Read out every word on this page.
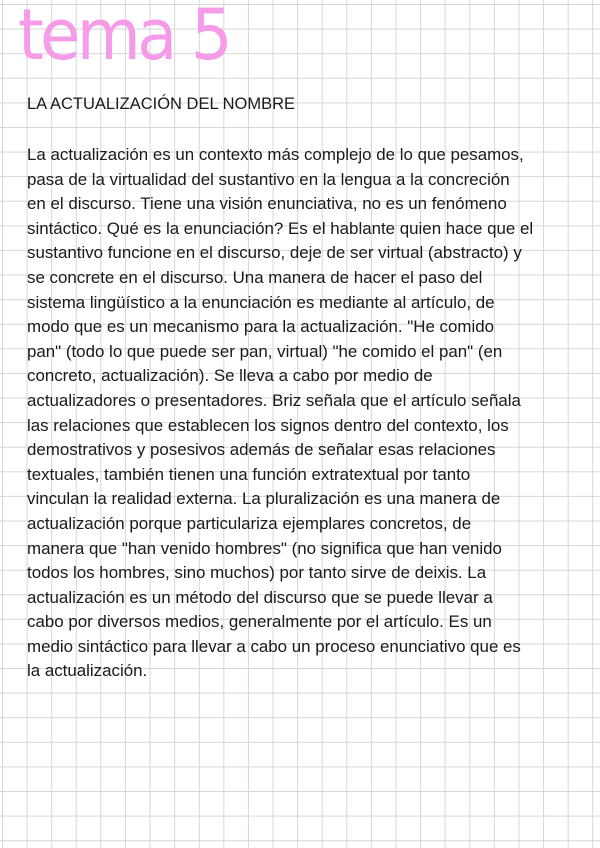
tema 5
LA ACTUALIZACIÓN DEL NOMBRE
La actualización es un contexto más complejo de lo que pesamos,
pasa de la virtualidad del sustantivo en la lengua a la concreción
en el discurso. Tiene una visión enunciativa, no es un fenómeno
sintáctico. Qué es la enunciación? Es el hablante quien hace que el
sustantivo funcione en el discurso, deje de ser virtual (abstracto) y
se concrete en el discurso. Una manera de hacer el paso del
sistema lingüístico a la enunciación es mediante al artículo, de
modo que es un mecanismo para la actualización. "He comido
pan" (todo lo que puede ser pan, virtual) "he comido el pan" (en
concreto, actualización). Se lleva a cabo por medio de
actualizadores o presentadores. Briz señala que el artículo señala
las relaciones que establecen los signos dentro del contexto, los
demostrativos y posesivos además de señalar esas relaciones
textuales, también tienen una función extratextual por tanto
vinculan la realidad externa. La pluralización es una manera de
actualización porque particulariza ejemplares concretos, de
manera que "han venido hombres" (no significa que han venido
todos los hombres, sino muchos) por tanto sirve de deixis. La
actualización es un método del discurso que se puede llevar a
cabo por diversos medios, generalmente por el artículo. Es un
medio sintáctico para llevar a cabo un proceso enunciativo que es
la actualización.
